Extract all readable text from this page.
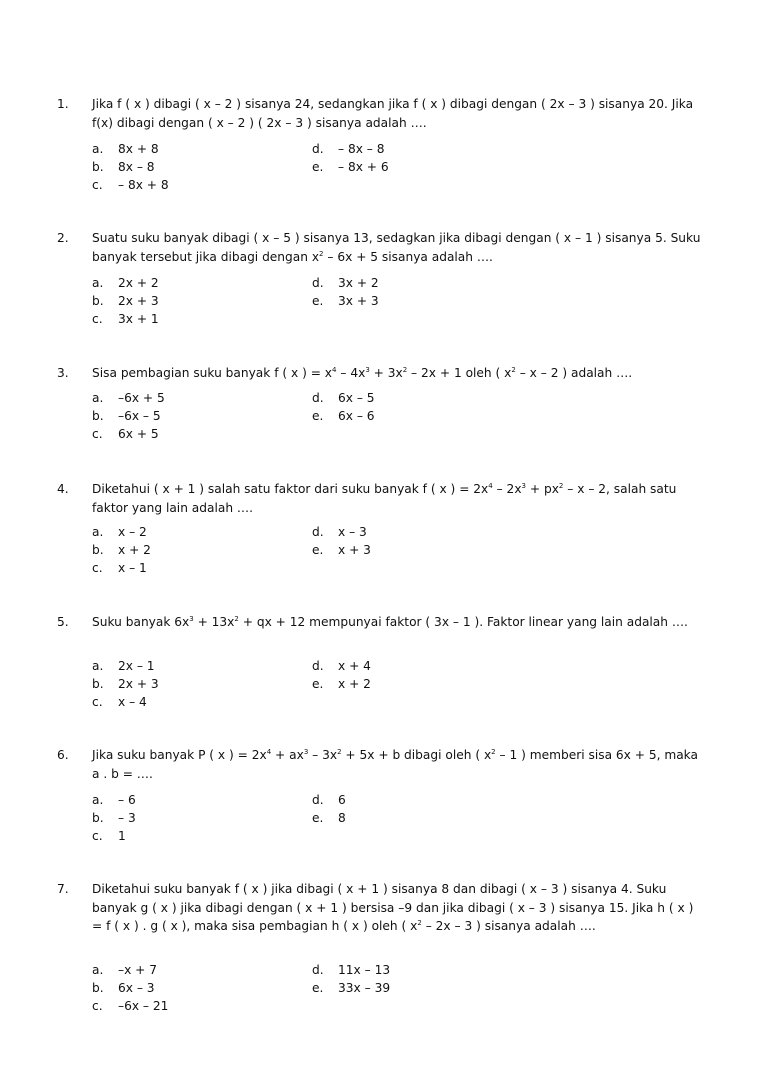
1. Jika f ( x ) dibagi ( x – 2 ) sisanya 24, sedangkan jika f ( x ) dibagi dengan ( 2x – 3 ) sisanya 20. Jika f(x) dibagi dengan ( x – 2 ) ( 2x – 3 ) sisanya adalah ….
a. 8x + 8
b. 8x – 8
c. – 8x + 8
d. – 8x – 8
e. – 8x + 6
2. Suatu suku banyak dibagi ( x – 5 ) sisanya 13, sedagkan jika dibagi dengan ( x – 1 ) sisanya 5. Suku banyak tersebut jika dibagi dengan $x^2 - 6x + 5$ sisanya adalah ….
a. 2x + 2
b. 2x + 3
c. 3x + 1
d. 3x + 2
e. 3x + 3
3. Sisa pembagian suku banyak f ( x ) = $x^4 - 4x^3 + 3x^2 - 2x + 1$ oleh ( $x^2$ – x – 2 ) adalah ….
a. –6x + 5
b. –6x – 5
c. 6x + 5
d. 6x – 5
e. 6x – 6
4. Diketahui ( x + 1 ) salah satu faktor dari suku banyak f ( x ) = $2x^4 - 2x^3 + px^2 - x - 2$, salah satu faktor yang lain adalah ….
a. x – 2
b. x + 2
c. x – 1
d. x – 3
e. x + 3
5. Suku banyak $6x^3 + 13x^2$ + qx + 12 mempunyai faktor ( 3x – 1 ). Faktor linear yang lain adalah ….
a. 2x – 1
b. 2x + 3
c. x – 4
d. x + 4
e. x + 2
6. Jika suku banyak P ( x ) = $2x^4 + ax^3 - 3x^2 + 5x + b$ dibagi oleh ( $x^2 - 1$ ) memberi sisa 6x + 5, maka a . b = ….
a. – 6
b. – 3
c. 1
d. 6
e. 8
7. Diketahui suku banyak f ( x ) jika dibagi ( x + 1 ) sisanya 8 dan dibagi ( x – 3 ) sisanya 4. Suku banyak g ( x ) jika dibagi dengan ( x + 1 ) bersisa –9 dan jika dibagi ( x – 3 ) sisanya 15. Jika h ( x ) = f ( x ) . g ( x ), maka sisa pembagian h ( x ) oleh ( $x^2 - 2x - 3$ ) sisanya adalah ….
a. –x + 7
b. 6x – 3
c. –6x – 21
d. 11x – 13
e. 33x – 39
